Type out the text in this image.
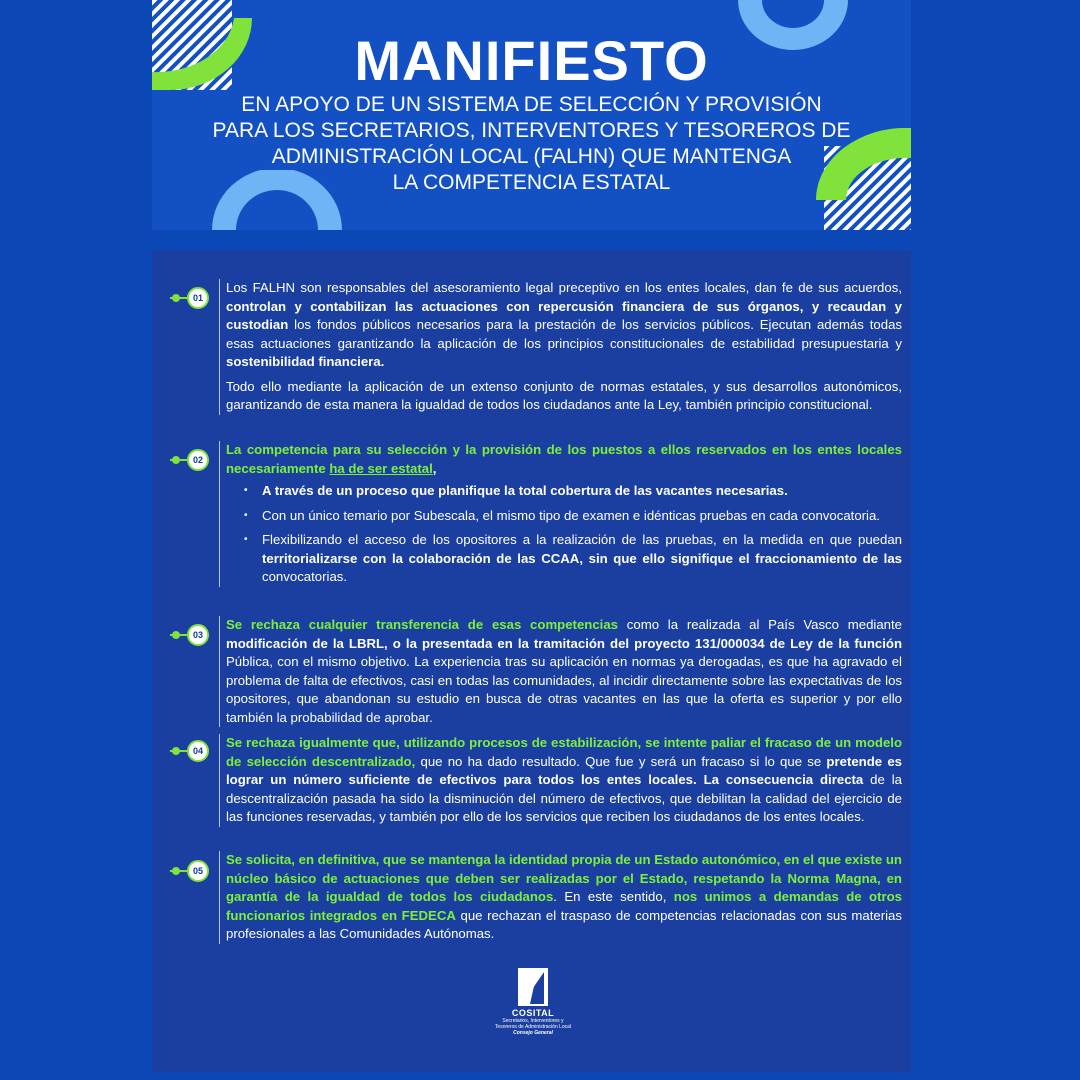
MANIFIESTO
EN APOYO DE UN SISTEMA DE SELECCIÓN Y PROVISIÓN
PARA LOS SECRETARIOS, INTERVENTORES Y TESOREROS DE
ADMINISTRACIÓN LOCAL (FALHN) QUE MANTENGA
LA COMPETENCIA ESTATAL
01

Los FALHN son responsables del asesoramiento legal preceptivo en los entes locales, dan fe de sus acuerdos, controlan y contabilizan las actuaciones con repercusión financiera de sus órganos, y recaudan y custodian los fondos públicos necesarios para la prestación de los servicios públicos. Ejecutan además todas esas actuaciones garantizando la aplicación de los principios constitucionales de estabilidad presupuestaria y sostenibilidad financiera.

Todo ello mediante la aplicación de un extenso conjunto de normas estatales, y sus desarrollos autonómicos, garantizando de esta manera la igualdad de todos los ciudadanos ante la Ley, también principio constitucional.

02

La competencia para su selección y la provisión de los puestos a ellos reservados en los entes locales necesariamente ha de ser estatal,

• A través de un proceso que planifique la total cobertura de las vacantes necesarias.
• Con un único temario por Subescala, el mismo tipo de examen e idénticas pruebas en cada convocatoria.
• Flexibilizando el acceso de los opositores a la realización de las pruebas, en la medida en que puedan territorializarse con la colaboración de las CCAA, sin que ello signifique el fraccionamiento de las convocatorias.
03

Se rechaza cualquier transferencia de esas competencias como la realizada al País Vasco mediante modificación de la LBRL, o la presentada en la tramitación del proyecto 131/000034 de Ley de la función Pública, con el mismo objetivo. La experiencia tras su aplicación en normas ya derogadas, es que ha agravado el problema de falta de efectivos, casi en todas las comunidades, al incidir directamente sobre las expectativas de los opositores, que abandonan su estudio en busca de otras vacantes en las que la oferta es superior y por ello también la probabilidad de aprobar.

04

Se rechaza igualmente que, utilizando procesos de estabilización, se intente paliar el fracaso de un modelo de selección descentralizado, que no ha dado resultado. Que fue y será un fracaso si lo que se pretende es lograr un número suficiente de efectivos para todos los entes locales. La consecuencia directa de la descentralización pasada ha sido la disminución del número de efectivos, que debilitan la calidad del ejercicio de las funciones reservadas, y también por ello de los servicios que reciben los ciudadanos de los entes locales.

05

Se solicita, en definitiva, que se mantenga la identidad propia de un Estado autonómico, en el que existe un núcleo básico de actuaciones que deben ser realizadas por el Estado, respetando la Norma Magna, en garantía de la igualdad de todos los ciudadanos. En este sentido, nos unimos a demandas de otros funcionarios integrados en FEDECA que rechazan el traspaso de competencias relacionadas con sus materias profesionales a las Comunidades Autónomas.

COSITAL
Secretarios, Interventores y
Tesoreros de Administración Local
Consejo General
